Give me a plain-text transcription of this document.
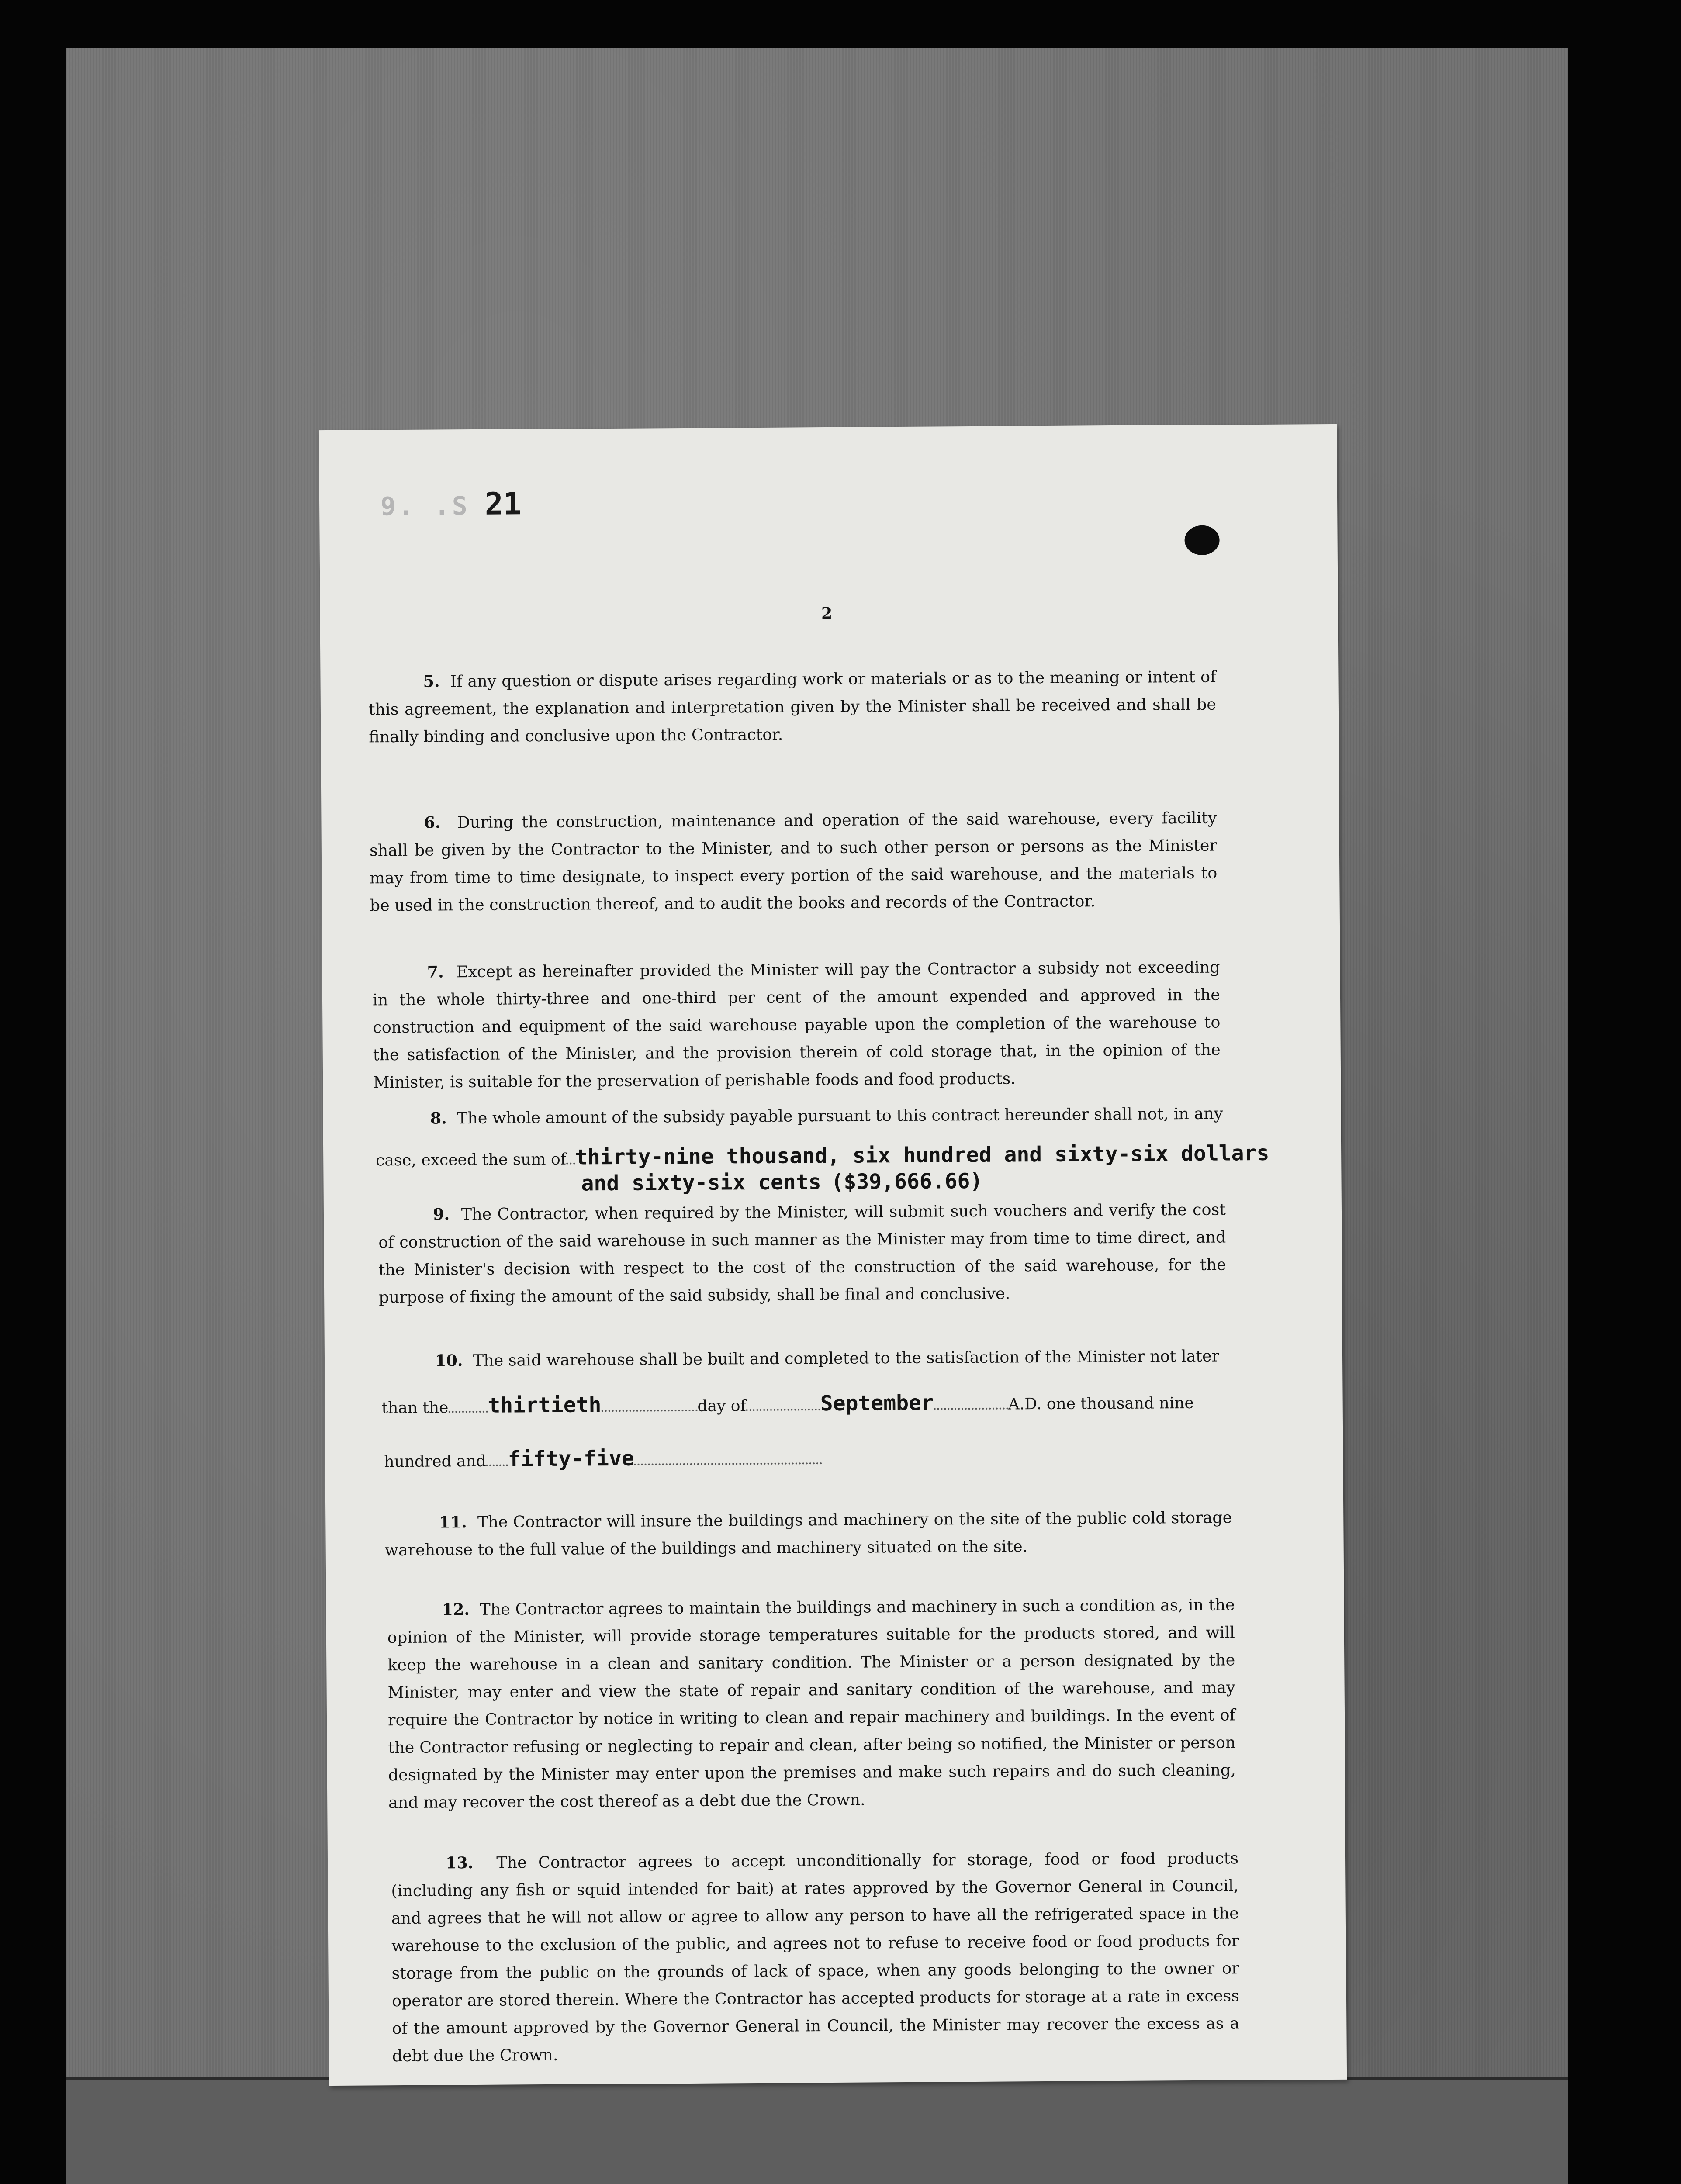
9. .S 21
2
5. If any question or dispute arises regarding work or materials or as to the meaning or intent of this agreement, the explanation and interpretation given by the Minister shall be received and shall be finally binding and conclusive upon the Contractor.
6. During the construction, maintenance and operation of the said warehouse, every facility shall be given by the Contractor to the Minister, and to such other person or persons as the Minister may from time to time designate, to inspect every portion of the said warehouse, and the materials to be used in the construction thereof, and to audit the books and records of the Contractor.
7. Except as hereinafter provided the Minister will pay the Contractor a subsidy not exceeding in the whole thirty-three and one-third per cent of the amount expended and approved in the construction and equipment of the said warehouse payable upon the completion of the warehouse to the satisfaction of the Minister, and the provision therein of cold storage that, in the opinion of the Minister, is suitable for the preservation of perishable foods and food products.
8. The whole amount of the subsidy payable pursuant to this contract hereunder shall not, in any
case, exceed the sum of thirty-nine thousand, six hundred and sixty-six dollars
and sixty-six cents ($39,666.66)
9. The Contractor, when required by the Minister, will submit such vouchers and verify the cost of construction of the said warehouse in such manner as the Minister may from time to time direct, and the Minister's decision with respect to the cost of the construction of the said warehouse, for the purpose of fixing the amount of the said subsidy, shall be final and conclusive.
10. The said warehouse shall be built and completed to the satisfaction of the Minister not later
than the thirtieth	day of	September	A.D. one thousand nine
hundred and fifty-five
11. The Contractor will insure the buildings and machinery on the site of the public cold storage warehouse to the full value of the buildings and machinery situated on the site.
12. The Contractor agrees to maintain the buildings and machinery in such a condition as, in the opinion of the Minister, will provide storage temperatures suitable for the products stored, and will keep the warehouse in a clean and sanitary condition. The Minister or a person designated by the Minister, may enter and view the state of repair and sanitary condition of the warehouse, and may require the Contractor by notice in writing to clean and repair machinery and buildings. In the event of the Contractor refusing or neglecting to repair and clean, after being so notified, the Minister or person designated by the Minister may enter upon the premises and make such repairs and do such cleaning, and may recover the cost thereof as a debt due the Crown.
13. The Contractor agrees to accept unconditionally for storage, food or food products (including any fish or squid intended for bait) at rates approved by the Governor General in Council, and agrees that he will not allow or agree to allow any person to have all the refrigerated space in the warehouse to the exclusion of the public, and agrees not to refuse to receive food or food products for storage from the public on the grounds of lack of space, when any goods belonging to the owner or operator are stored therein. Where the Contractor has accepted products for storage at a rate in excess of the amount approved by the Governor General in Council, the Minister may recover the excess as a debt due the Crown.
